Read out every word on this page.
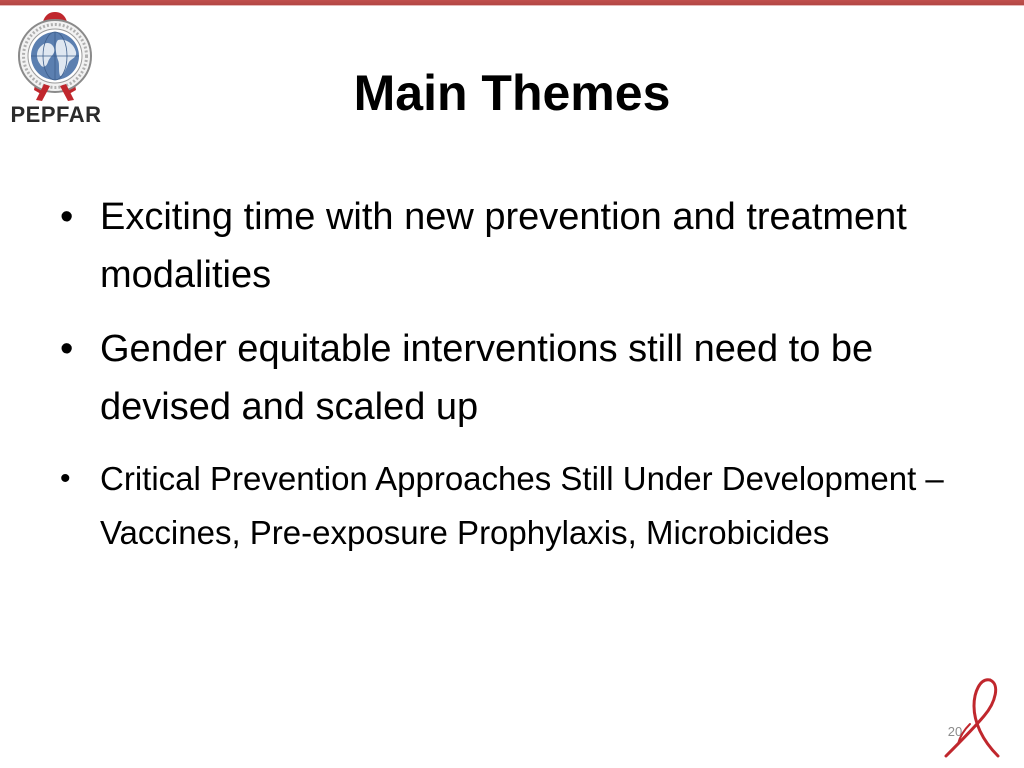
PEPFAR	Main Themes
• Exciting time with new prevention and treatment modalities
• Gender equitable interventions still need to be devised and scaled up
• Critical Prevention Approaches Still Under Development – Vaccines, Pre-exposure Prophylaxis, Microbicides
20
